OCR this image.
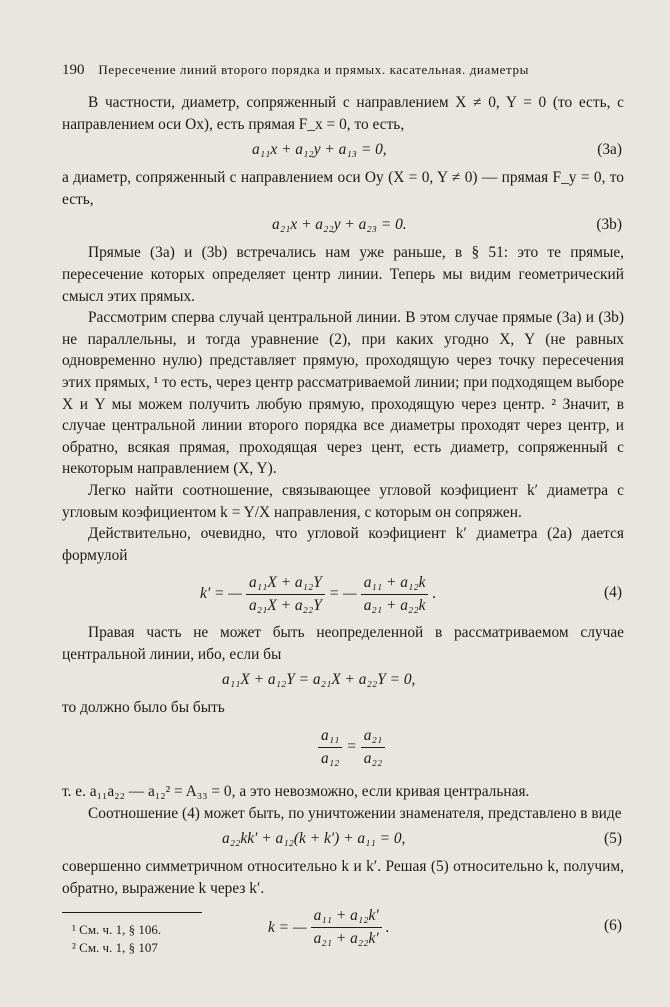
190 Пересечение линий второго порядка и прямых. касательная. диаметры

В частности, диаметр, сопряженный с направлением X ≠ 0, Y = 0 (то есть, с направлением оси Ox), есть прямая F_x = 0, то есть,

a₁₁x + a₁₂y + a₁₃ = 0,	(3a)

а диаметр, сопряженный с направлением оси Oy (X = 0, Y ≠ 0) — прямая F_y = 0, то есть,

a₂₁x + a₂₂y + a₂₃ = 0.	(3b)

Прямые (3a) и (3b) встречались нам уже раньше, в § 51: это те прямые, пересечение которых определяет центр линии. Теперь мы видим геометрический смысл этих прямых.

Рассмотрим сперва случай центральной линии. В этом случае прямые (3a) и (3b) не параллельны, и тогда уравнение (2), при каких угодно X, Y (не равных одновременно нулю) представляет прямую, проходящую через точку пересечения этих прямых, ¹ то есть, через центр рассматриваемой линии; при подходящем выборе X и Y мы можем получить любую прямую, проходящую через центр. ² Значит, в случае центральной линии второго порядка все диаметры проходят через центр, и обратно, всякая прямая, проходящая через цент, есть диаметр, сопряженный с некоторым направлением (X, Y).

Легко найти соотношение, связывающее угловой коэфициент k′ диаметра с угловым коэфициентом k = Y/X направления, с которым он сопряжен.

Действительно, очевидно, что угловой коэфициент k′ диаметра (2a) дается формулой

k′ = — $\frac{\text{a₁₁X + a₁₂Y}}{\text{a₂₁X + a₂₂Y}}$ = — $\frac{\text{a₁₁ + a₁₂k}}{\text{a₂₁ + a₂₂k}}$ .	(4)

Правая часть не может быть неопределенной в рассматриваемом случае центральной линии, ибо, если бы

a₁₁X + a₁₂Y = a₂₁X + a₂₂Y = 0,

то должно было бы быть

$\frac{\text{a₁₁}}{\text{a₁₂}} = \frac{\text{a₂₁}}{\text{a₂₂}}$

т. е. a₁₁a₂₂ — a₁₂² = A₃₃ = 0, а это невозможно, если кривая центральная.

Соотношение (4) может быть, по уничтожении знаменателя, представлено в виде

a₂₂kk′ + a₁₂(k + k′) + a₁₁ = 0,	(5)

совершенно симметричном относительно k и k′. Решая (5) относительно k, получим, обратно, выражение k через k′.

k = — $\frac{\text{a₁₁ + a₁₂k′}}{\text{a₂₁ + a₂₂k′}}$ .	(6)
¹ См. ч. 1, § 106.
² См. ч. 1, § 107
